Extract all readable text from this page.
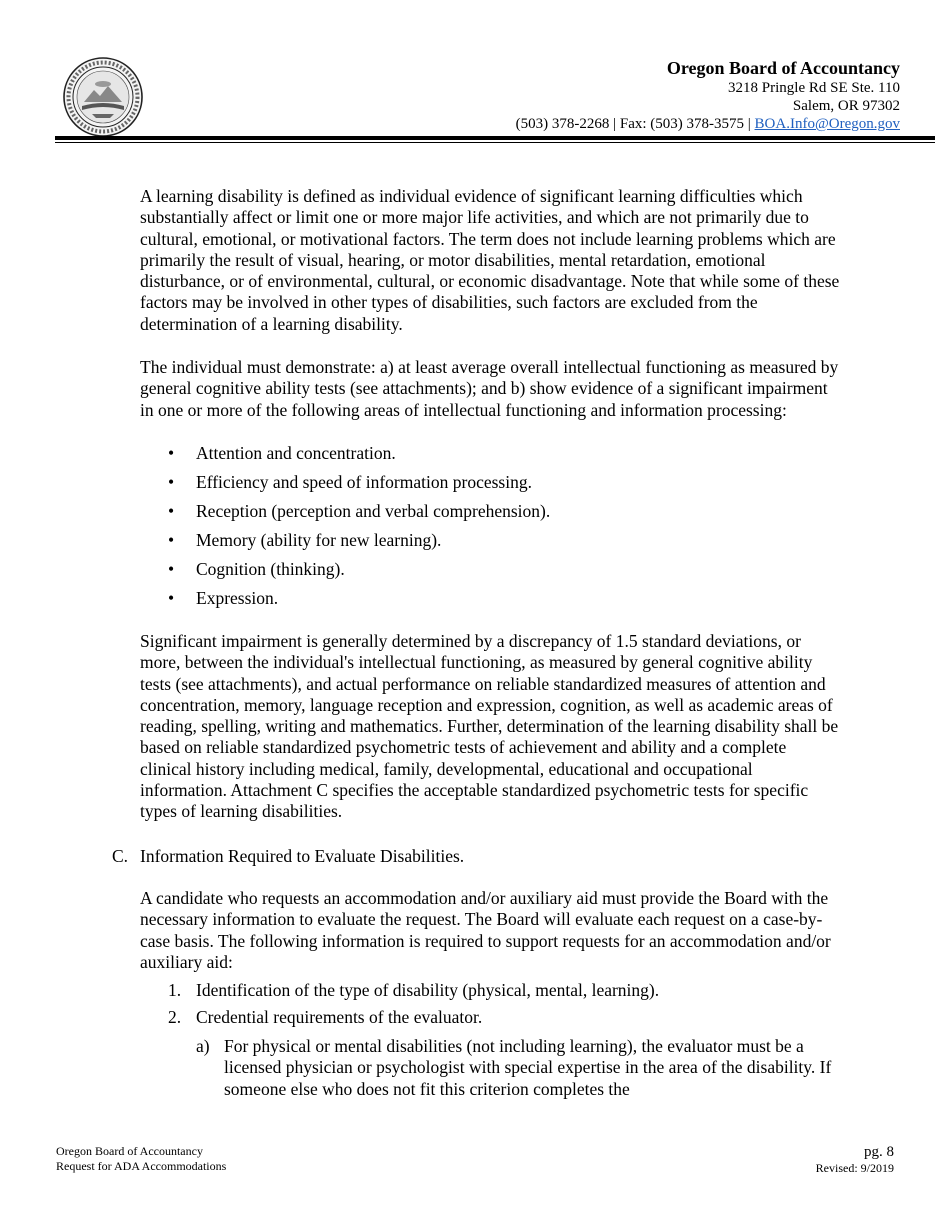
Oregon Board of Accountancy
3218 Pringle Rd SE Ste. 110
Salem, OR 97302
(503) 378-2268 | Fax: (503) 378-3575 | BOA.Info@Oregon.gov

A learning disability is defined as individual evidence of significant learning difficulties which substantially affect or limit one or more major life activities, and which are not primarily due to cultural, emotional, or motivational factors. The term does not include learning problems which are primarily the result of visual, hearing, or motor disabilities, mental retardation, emotional disturbance, or of environmental, cultural, or economic disadvantage. Note that while some of these factors may be involved in other types of disabilities, such factors are excluded from the determination of a learning disability.

The individual must demonstrate: a) at least average overall intellectual functioning as measured by general cognitive ability tests (see attachments); and b) show evidence of a significant impairment in one or more of the following areas of intellectual functioning and information processing:

• Attention and concentration.
• Efficiency and speed of information processing.
• Reception (perception and verbal comprehension).
• Memory (ability for new learning).
• Cognition (thinking).
• Expression.

Significant impairment is generally determined by a discrepancy of 1.5 standard deviations, or more, between the individual's intellectual functioning, as measured by general cognitive ability tests (see attachments), and actual performance on reliable standardized measures of attention and concentration, memory, language reception and expression, cognition, as well as academic areas of reading, spelling, writing and mathematics. Further, determination of the learning disability shall be based on reliable standardized psychometric tests of achievement and ability and a complete clinical history including medical, family, developmental, educational and occupational information. Attachment C specifies the acceptable standardized psychometric tests for specific types of learning disabilities.

C. Information Required to Evaluate Disabilities.

A candidate who requests an accommodation and/or auxiliary aid must provide the Board with the necessary information to evaluate the request. The Board will evaluate each request on a case-by-case basis. The following information is required to support requests for an accommodation and/or auxiliary aid:

1. Identification of the type of disability (physical, mental, learning).
2. Credential requirements of the evaluator.
a) For physical or mental disabilities (not including learning), the evaluator must be a licensed physician or psychologist with special expertise in the area of the disability. If someone else who does not fit this criterion completes the
Oregon Board of Accountancy
Request for ADA Accommodations
pg. 8
Revised: 9/2019
